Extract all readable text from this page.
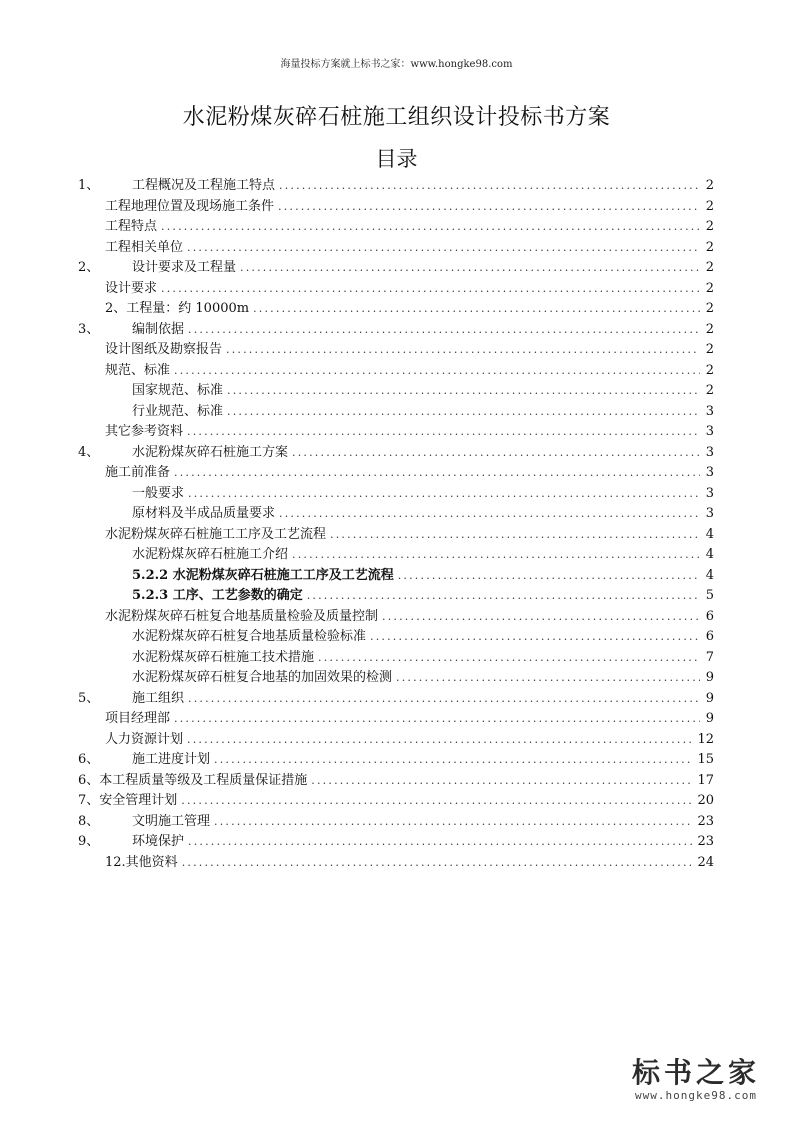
海量投标方案就上标书之家：www.hongke98.com
水泥粉煤灰碎石桩施工组织设计投标书方案
目录
1、	工程概况及工程施工特点 .....	2
工程地理位置及现场施工条件 .....	2
工程特点 .....	2
工程相关单位 .....	2
2、	设计要求及工程量 .....	2
设计要求 .....	2
2、工程量：约 10000m .....	2
3、	编制依据 .....	2
设计图纸及勘察报告 .....	2
规范、标准 .....	2
国家规范、标准 .....	2
行业规范、标准 .....	3
其它参考资料 .....	3
4、	水泥粉煤灰碎石桩施工方案 .....	3
施工前准备 .....	3
一般要求 .....	3
原材料及半成品质量要求 .....	3
水泥粉煤灰碎石桩施工工序及工艺流程 .....	4
水泥粉煤灰碎石桩施工介绍 .....	4
5.2.2 水泥粉煤灰碎石桩施工工序及工艺流程 .....	4
5.2.3 工序、工艺参数的确定 .....	5
水泥粉煤灰碎石桩复合地基质量检验及质量控制 .....	6
水泥粉煤灰碎石桩复合地基质量检验标准 .....	6
水泥粉煤灰碎石桩施工技术措施 .....	7
水泥粉煤灰碎石桩复合地基的加固效果的检测 .....	9
5、	施工组织 .....	9
项目经理部 .....	9
人力资源计划 .....	12
6、	施工进度计划 .....	15
6、本工程质量等级及工程质量保证措施 .....	17
7、安全管理计划 .....	20
8、	文明施工管理 .....	23
9、	环境保护 .....	23
12.其他资料 .....	24
标书之家
www.hongke98.com
